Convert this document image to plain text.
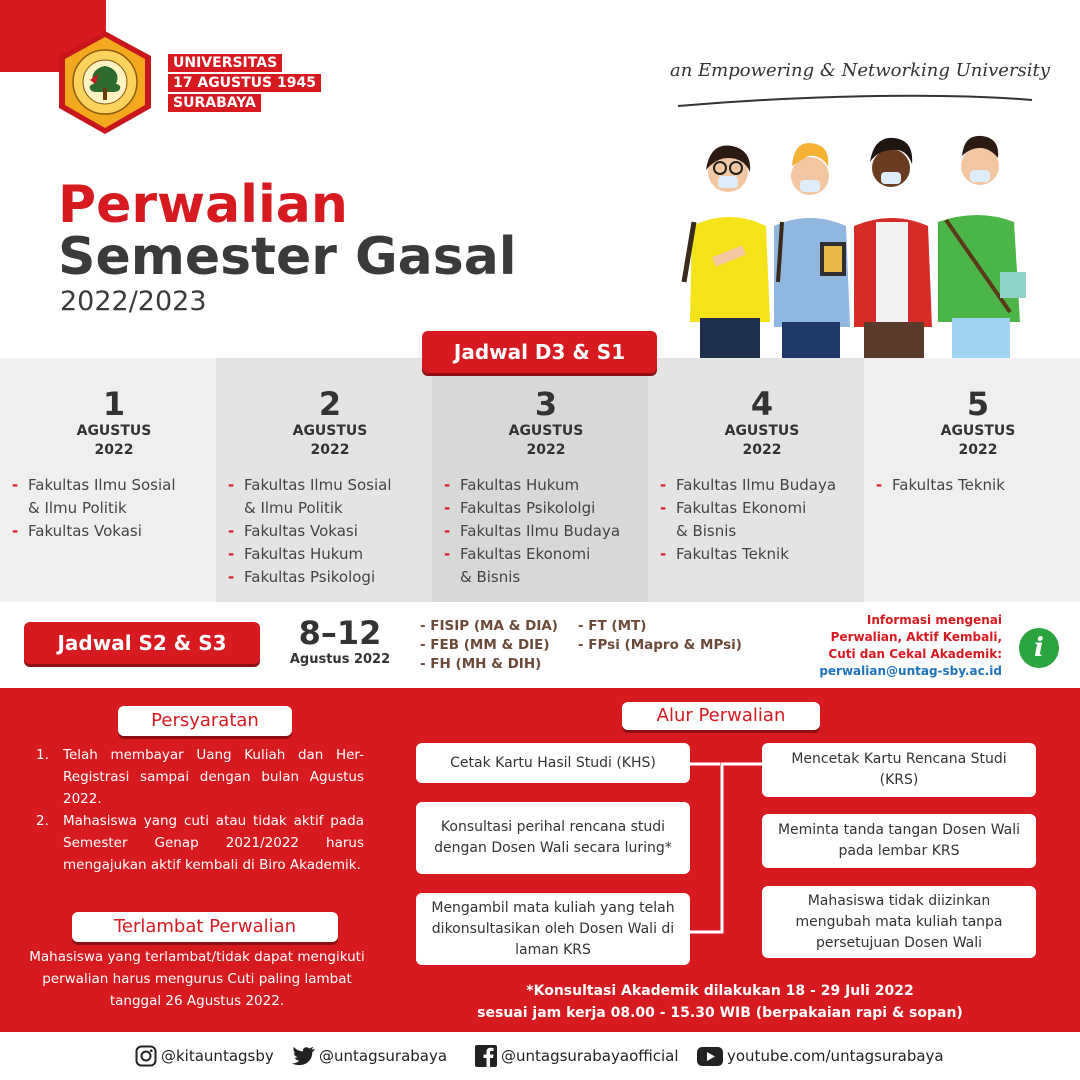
UNIVERSITAS
17 AGUSTUS 1945
SURABAYA
an Empowering & Networking University
Perwalian
Semester Gasal
2022/2023
1
AGUSTUS
2022
- Fakultas Ilmu Sosial
& Ilmu Politik
- Fakultas Vokasi
2
AGUSTUS
2022
- Fakultas Ilmu Sosial
& Ilmu Politik
- Fakultas Vokasi
- Fakultas Hukum
- Fakultas Psikologi
3
AGUSTUS
2022
- Fakultas Hukum
- Fakultas Psikololgi
- Fakultas Ilmu Budaya
- Fakultas Ekonomi
& Bisnis
4
AGUSTUS
2022
- Fakultas Ilmu Budaya
- Fakultas Ekonomi
& Bisnis
- Fakultas Teknik
5
AGUSTUS
2022
- Fakultas Teknik
Jadwal D3 & S1
Jadwal S2 & S3	8–12
Agustus 2022
- FISIP (MA & DIA)
- FEB (MM & DIE)
- FH (MH & DIH)
- FT (MT)
- FPsi (Mapro & MPsi)
Informasi mengenai
Perwalian, Aktif Kembali,
Cuti dan Cekal Akademik:
perwalian@untag-sby.ac.id
i
Persyaratan
1. Telah membayar Uang Kuliah dan Her-Registrasi sampai dengan bulan Agustus 2022.
2. Mahasiswa yang cuti atau tidak aktif pada Semester Genap 2021/2022 harus mengajukan aktif kembali di Biro Akademik.
Terlambat Perwalian
Mahasiswa yang terlambat/tidak dapat mengikuti perwalian harus mengurus Cuti paling lambat tanggal 26 Agustus 2022.
Alur Perwalian
Cetak Kartu Hasil Studi (KHS)
Konsultasi perihal rencana studi dengan Dosen Wali secara luring*
Mengambil mata kuliah yang telah dikonsultasikan oleh Dosen Wali di laman KRS
Mencetak Kartu Rencana Studi (KRS)
Meminta tanda tangan Dosen Wali pada lembar KRS
Mahasiswa tidak diizinkan mengubah mata kuliah tanpa persetujuan Dosen Wali
*Konsultasi Akademik dilakukan 18 - 29 Juli 2022
sesuai jam kerja 08.00 - 15.30 WIB (berpakaian rapi & sopan)
@kitauntagsby	@untagsurabaya	@untagsurabayaofficial	youtube.com/untagsurabaya
